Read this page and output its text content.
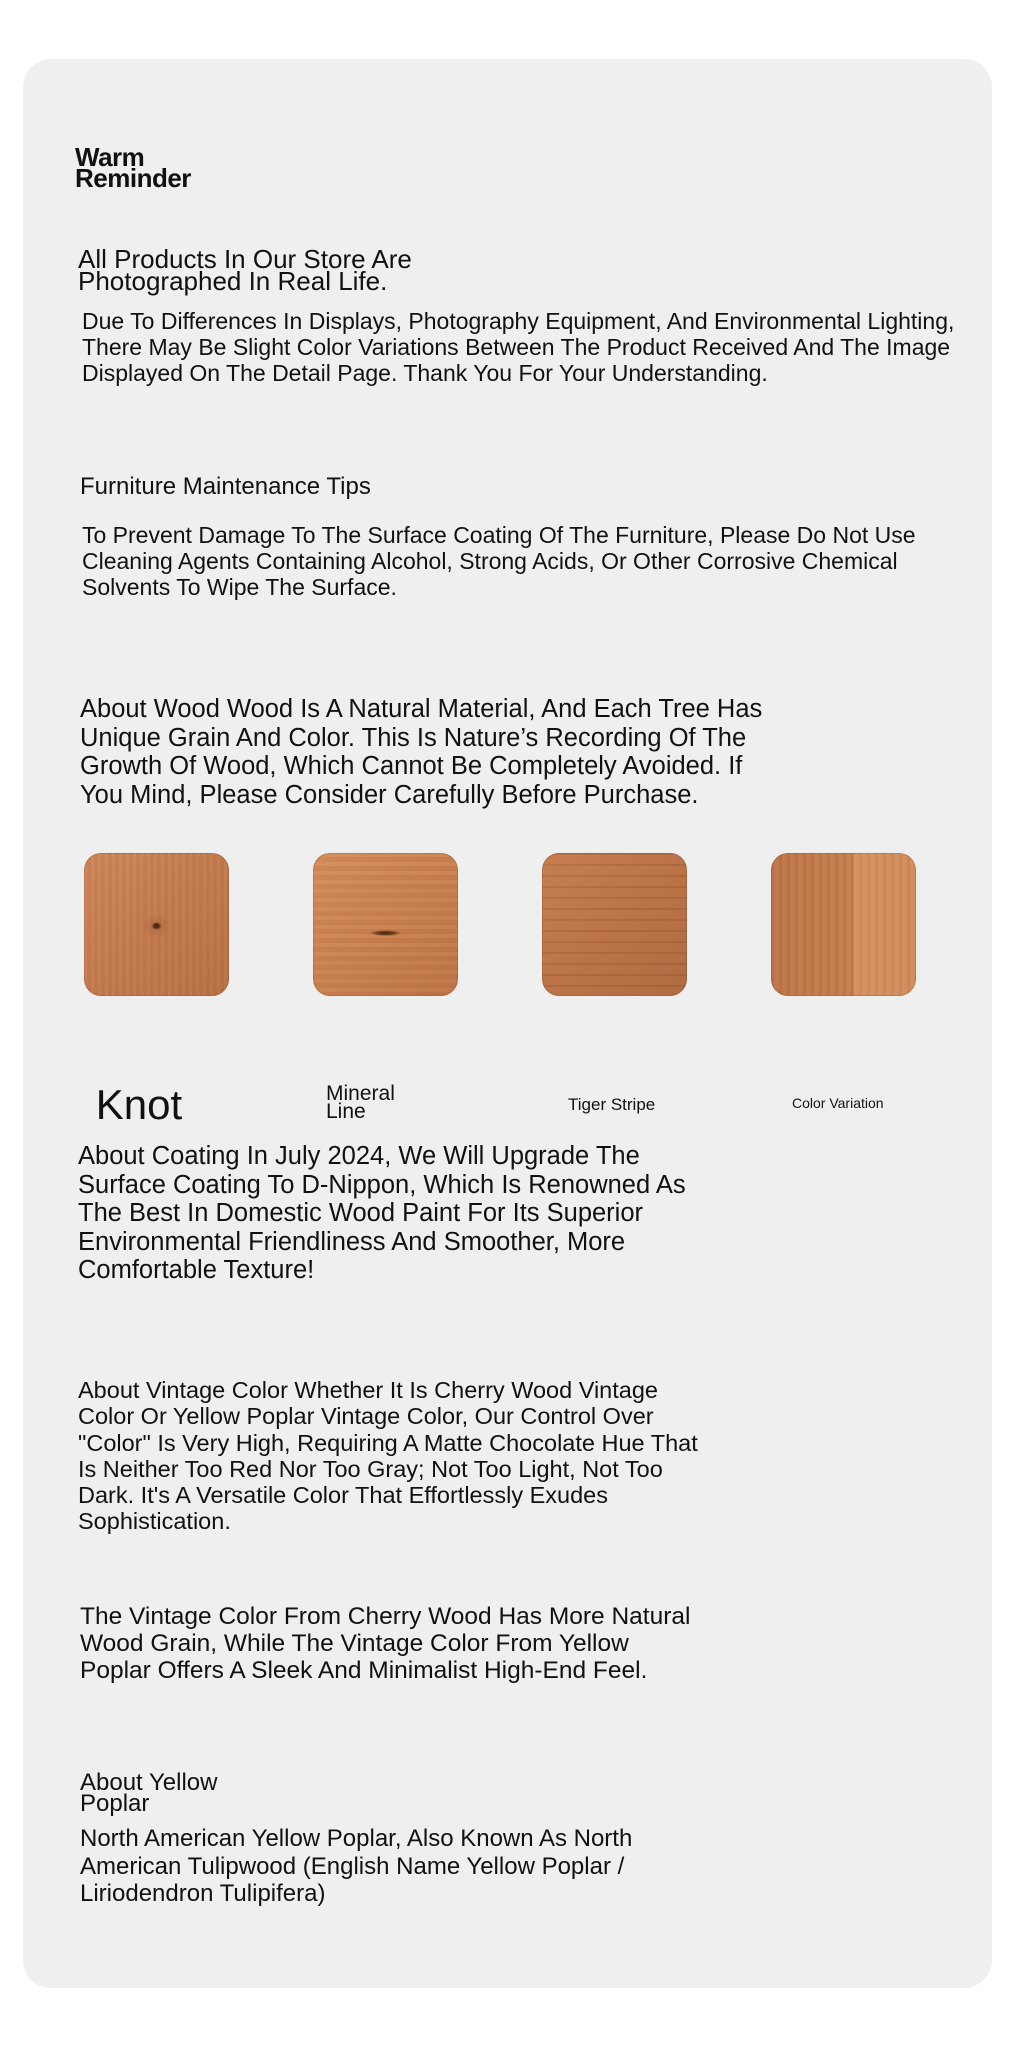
Warm
Reminder

All Products In Our Store Are
Photographed In Real Life.

Due To Differences In Displays, Photography Equipment, And Environmental Lighting,
There May Be Slight Color Variations Between The Product Received And The Image
Displayed On The Detail Page. Thank You For Your Understanding.

Furniture Maintenance Tips

To Prevent Damage To The Surface Coating Of The Furniture, Please Do Not Use
Cleaning Agents Containing Alcohol, Strong Acids, Or Other Corrosive Chemical
Solvents To Wipe The Surface.

About Wood Wood Is A Natural Material, And Each Tree Has
Unique Grain And Color. This Is Nature’s Recording Of The
Growth Of Wood, Which Cannot Be Completely Avoided. If
You Mind, Please Consider Carefully Before Purchase.

Knot	Mineral
Line	Tiger Stripe	Color Variation

About Coating In July 2024, We Will Upgrade The
Surface Coating To D-Nippon, Which Is Renowned As
The Best In Domestic Wood Paint For Its Superior
Environmental Friendliness And Smoother, More
Comfortable Texture!

About Vintage Color Whether It Is Cherry Wood Vintage
Color Or Yellow Poplar Vintage Color, Our Control Over
"Color" Is Very High, Requiring A Matte Chocolate Hue That
Is Neither Too Red Nor Too Gray; Not Too Light, Not Too
Dark. It's A Versatile Color That Effortlessly Exudes
Sophistication.

The Vintage Color From Cherry Wood Has More Natural
Wood Grain, While The Vintage Color From Yellow
Poplar Offers A Sleek And Minimalist High-End Feel.

About Yellow
Poplar

North American Yellow Poplar, Also Known As North
American Tulipwood (English Name Yellow Poplar /
Liriodendron Tulipifera)
